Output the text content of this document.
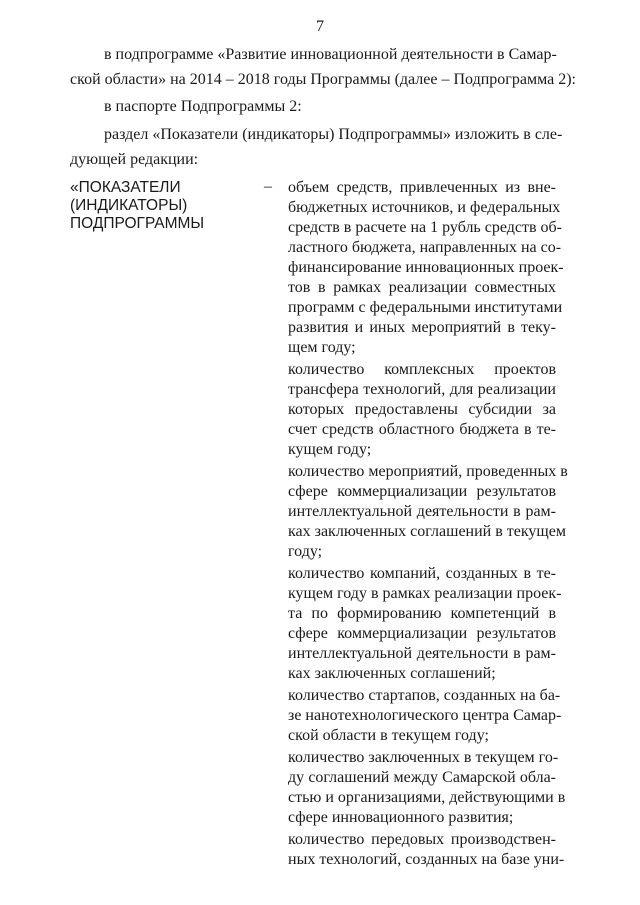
7
в подпрограмме «Развитие инновационной деятельности в Самар-
ской области» на 2014 – 2018 годы Программы (далее – Подпрограмма 2):
в паспорте Подпрограммы 2:
раздел «Показатели (индикаторы) Подпрограммы» изложить в сле-
дующей редакции:
«ПОКАЗАТЕЛИ
(ИНДИКАТОРЫ)
ПОДПРОГРАММЫ
– объем средств, привлеченных из вне-
бюджетных источников, и федеральных
средств в расчете на 1 рубль средств об-
ластного бюджета, направленных на со-
финансирование инновационных проек-
тов в рамках реализации совместных
программ с федеральными институтами
развития и иных мероприятий в теку-
щем году;
количество комплексных проектов
трансфера технологий, для реализации
которых предоставлены субсидии за
счет средств областного бюджета в те-
кущем году;
количество мероприятий, проведенных в
сфере коммерциализации результатов
интеллектуальной деятельности в рам-
ках заключенных соглашений в текущем
году;
количество компаний, созданных в те-
кущем году в рамках реализации проек-
та по формированию компетенций в
сфере коммерциализации результатов
интеллектуальной деятельности в рам-
ках заключенных соглашений;
количество стартапов, созданных на ба-
зе нанотехнологического центра Самар-
ской области в текущем году;
количество заключенных в текущем го-
ду соглашений между Самарской обла-
стью и организациями, действующими в
сфере инновационного развития;
количество передовых производствен-
ных технологий, созданных на базе уни-
